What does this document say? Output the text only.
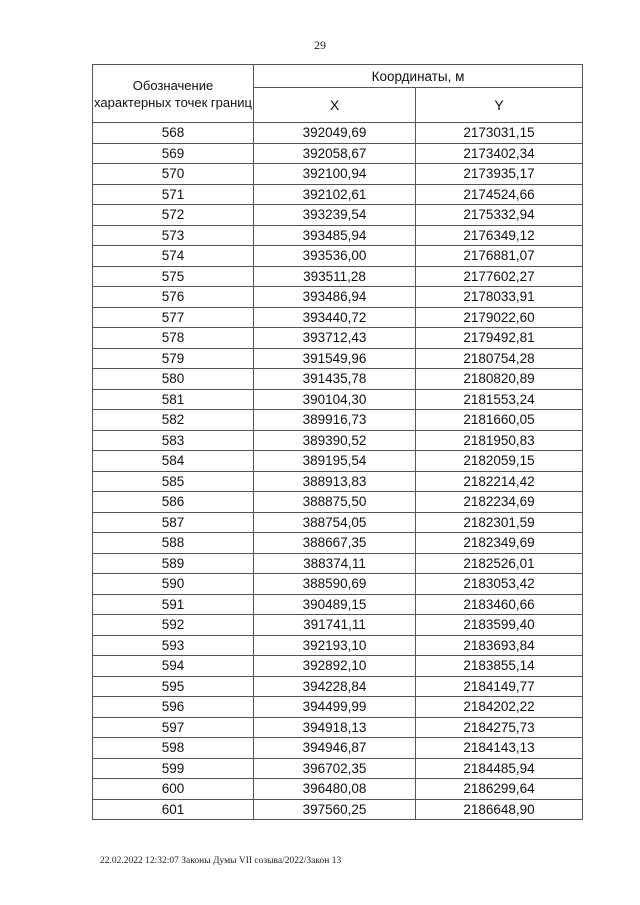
29
Обозначение характерных точек границ	Координаты, м	
	X	Y
568	392049,69	2173031,15
569	392058,67	2173402,34
570	392100,94	2173935,17
571	392102,61	2174524,66
572	393239,54	2175332,94
573	393485,94	2176349,12
574	393536,00	2176881,07
575	393511,28	2177602,27
576	393486,94	2178033,91
577	393440,72	2179022,60
578	393712,43	2179492,81
579	391549,96	2180754,28
580	391435,78	2180820,89
581	390104,30	2181553,24
582	389916,73	2181660,05
583	389390,52	2181950,83
584	389195,54	2182059,15
585	388913,83	2182214,42
586	388875,50	2182234,69
587	388754,05	2182301,59
588	388667,35	2182349,69
589	388374,11	2182526,01
590	388590,69	2183053,42
591	390489,15	2183460,66
592	391741,11	2183599,40
593	392193,10	2183693,84
594	392892,10	2183855,14
595	394228,84	2184149,77
596	394499,99	2184202,22
597	394918,13	2184275,73
598	394946,87	2184143,13
599	396702,35	2184485,94
600	396480,08	2186299,64
601	397560,25	2186648,90
22.02.2022 12:32:07 Законы Думы VII созыва/2022/Закон 13
